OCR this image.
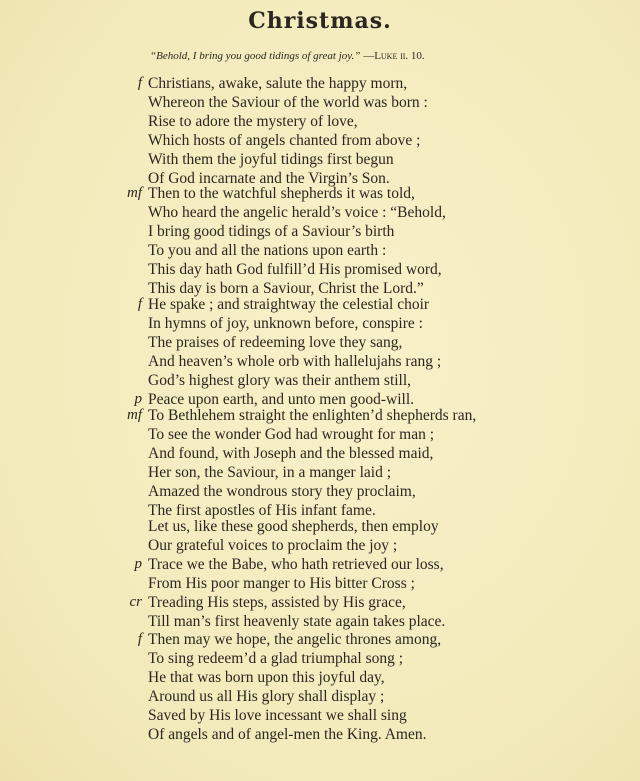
Christmas.
“Behold, I bring you good tidings of great joy.” —Luke ii. 10.
f Christians, awake, salute the happy morn,
Whereon the Saviour of the world was born :
Rise to adore the mystery of love,
Which hosts of angels chanted from above ;
With them the joyful tidings first begun
Of God incarnate and the Virgin’s Son.
mf Then to the watchful shepherds it was told,
Who heard the angelic herald’s voice : “Behold,
I bring good tidings of a Saviour’s birth
To you and all the nations upon earth :
This day hath God fulfill’d His promised word,
This day is born a Saviour, Christ the Lord.”
f He spake ; and straightway the celestial choir
In hymns of joy, unknown before, conspire :
The praises of redeeming love they sang,
And heaven’s whole orb with hallelujahs rang ;
God’s highest glory was their anthem still,
p Peace upon earth, and unto men good-will.
mf To Bethlehem straight the enlighten’d shepherds ran,
To see the wonder God had wrought for man ;
And found, with Joseph and the blessed maid,
Her son, the Saviour, in a manger laid ;
Amazed the wondrous story they proclaim,
The first apostles of His infant fame.
Let us, like these good shepherds, then employ
Our grateful voices to proclaim the joy ;
p Trace we the Babe, who hath retrieved our loss,
From His poor manger to His bitter Cross ;
cr Treading His steps, assisted by His grace,
Till man’s first heavenly state again takes place.
f Then may we hope, the angelic thrones among,
To sing redeem’d a glad triumphal song ;
He that was born upon this joyful day,
Around us all His glory shall display ;
Saved by His love incessant we shall sing
Of angels and of angel-men the King. Amen.
